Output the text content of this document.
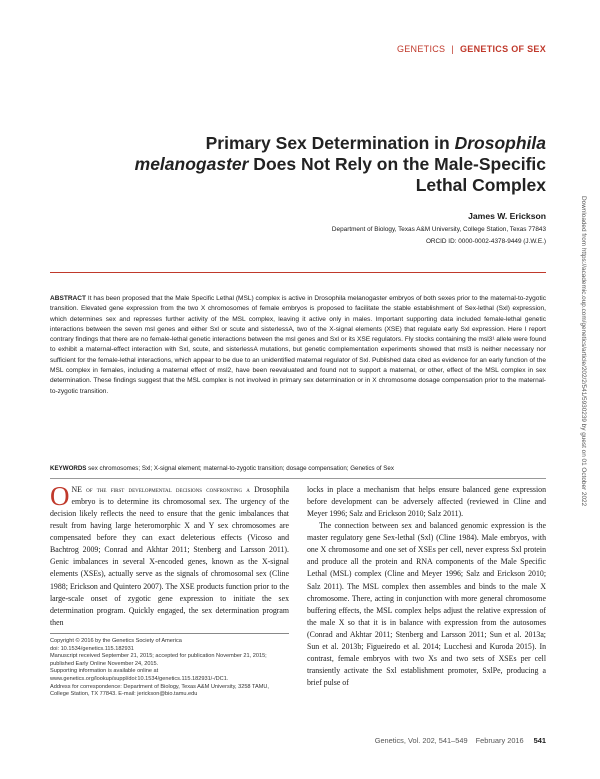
GENETICS | GENETICS OF SEX
Primary Sex Determination in Drosophila
melanogaster Does Not Rely on the Male-Specific Lethal Complex
James W. Erickson
Department of Biology, Texas A&M University, College Station, Texas 77843
ORCID ID: 0000-0002-4378-9449 (J.W.E.)	Downloaded from https://academic.oup.com/genetics/article/202/2/541/5930239 by guest on 01 October 2022
ABSTRACT It has been proposed that the Male Specific Lethal (MSL) complex is active in Drosophila melanogaster embryos of both sexes prior to the maternal-to-zygotic transition. Elevated gene expression from the two X chromosomes of female embryos is proposed to facilitate the stable establishment of Sex-lethal (Sxl) expression, which determines sex and represses further activity of the MSL complex, leaving it active only in males. Important supporting data included female-lethal genetic interactions between the seven msl genes and either Sxl or scute and sisterlessA, two of the X-signal elements (XSE) that regulate early Sxl expression. Here I report contrary findings that there are no female-lethal genetic interactions between the msl genes and Sxl or its XSE regulators. Fly stocks containing the msl3¹ allele were found to exhibit a maternal-effect interaction with Sxl, scute, and sisterlessA mutations, but genetic complementation experiments showed that msl3 is neither necessary nor sufficient for the female-lethal interactions, which appear to be due to an unidentified maternal regulator of Sxl. Published data cited as evidence for an early function of the MSL complex in females, including a maternal effect of msl2, have been reevaluated and found not to support a maternal, or other, effect of the MSL complex in sex determination. These findings suggest that the MSL complex is not involved in primary sex determination or in X chromosome dosage compensation prior to the maternal-to-zygotic transition.
KEYWORDS sex chromosomes; Sxl; X-signal element; maternal-to-zygotic transition; dosage compensation; Genetics of Sex

ONE of the first developmental decisions confronting a Drosophila embryo is to determine its chromosomal sex. The urgency of the decision likely reflects the need to ensure that the genic imbalances that result from having large heteromorphic X and Y sex chromosomes are compensated before they can exact deleterious effects (Vicoso and Bachtrog 2009; Conrad and Akhtar 2011; Stenberg and Larsson 2011). Genic imbalances in several X-encoded genes, known as the X-signal elements (XSEs), actually serve as the signals of chromosomal sex (Cline 1988; Erickson and Quintero 2007). The XSE products function prior to the large-scale onset of zygotic gene expression to initiate the sex determination program. Quickly engaged, the sex determination program then

locks in place a mechanism that helps ensure balanced gene expression before development can be adversely affected (reviewed in Cline and Meyer 1996; Salz and Erickson 2010; Salz 2011).

The connection between sex and balanced genomic expression is the master regulatory gene Sex-lethal (Sxl) (Cline 1984). Male embryos, with one X chromosome and one set of XSEs per cell, never express Sxl protein and produce all the protein and RNA components of the Male Specific Lethal (MSL) complex (Cline and Meyer 1996; Salz and Erickson 2010; Salz 2011). The MSL complex then assembles and binds to the male X chromosome. There, acting in conjunction with more general chromosome buffering effects, the MSL complex helps adjust the relative expression of the male X so that it is in balance with expression from the autosomes (Conrad and Akhtar 2011; Stenberg and Larsson 2011; Sun et al. 2013a; Sun et al. 2013b; Figueiredo et al. 2014; Lucchesi and Kuroda 2015). In contrast, female embryos with two Xs and two sets of XSEs per cell transiently activate the Sxl establishment promoter, SxlPe, producing a brief pulse of

Copyright © 2016 by the Genetics Society of America
doi: 10.1534/genetics.115.182931
Manuscript received September 21, 2015; accepted for publication November 21, 2015; published Early Online November 24, 2015.
Supporting information is available online at www.genetics.org/lookup/suppl/doi:10.1534/genetics.115.182931/-/DC1.
Address for correspondence: Department of Biology, Texas A&M University, 3258 TAMU, College Station, TX 77843. E-mail: jerickson@bio.tamu.edu
Genetics, Vol. 202, 541–549 February 2016 541
